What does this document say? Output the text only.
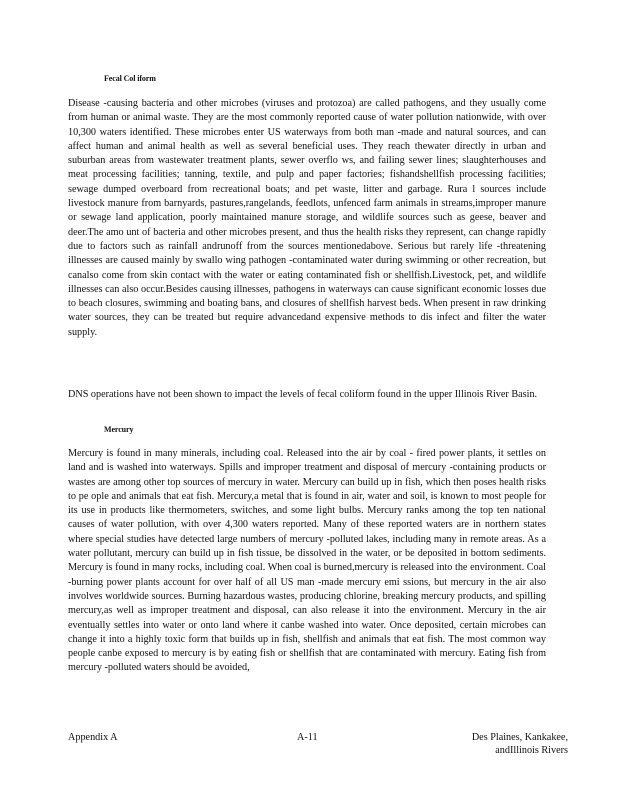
Fecal Col iform

Disease -causing bacteria and other microbes (viruses and protozoa) are called pathogens, and they usually come from human or animal waste. They are the most commonly reported cause of water pollution nationwide, with over 10,300 waters identified. These microbes enter US waterways from both man -made and natural sources, and can affect human and animal health as well as several beneficial uses. They reach thewater directly in urban and suburban areas from wastewater treatment plants, sewer overflo ws, and failing sewer lines; slaughterhouses and meat processing facilities; tanning, textile, and pulp and paper factories; fishandshellfish processing facilities; sewage dumped overboard from recreational boats; and pet waste, litter and garbage. Rura l sources include livestock manure from barnyards, pastures,rangelands, feedlots, unfenced farm animals in streams,improper manure or sewage land application, poorly maintained manure storage, and wildlife sources such as geese, beaver and deer.The amo unt of bacteria and other microbes present, and thus the health risks they represent, can change rapidly due to factors such as rainfall andrunoff from the sources mentionedabove. Serious but rarely life -threatening illnesses are caused mainly by swallo wing pathogen -contaminated water during swimming or other recreation, but canalso come from skin contact with the water or eating contaminated fish or shellfish.Livestock, pet, and wildlife illnesses can also occur.Besides causing illnesses, pathogens in waterways can cause significant economic losses due to beach closures, swimming and boating bans, and closures of shellfish harvest beds. When present in raw drinking water sources, they can be treated but require advancedand expensive methods to dis infect and filter the water supply.

DNS operations have not been shown to impact the levels of fecal coliform found in the upper Illinois River Basin.

Mercury

Mercury is found in many minerals, including coal. Released into the air by coal - fired power plants, it settles on land and is washed into waterways. Spills and improper treatment and disposal of mercury -containing products or wastes are among other top sources of mercury in water. Mercury can build up in fish, which then poses health risks to pe ople and animals that eat fish. Mercury,a metal that is found in air, water and soil, is known to most people for its use in products like thermometers, switches, and some light bulbs. Mercury ranks among the top ten national causes of water pollution, with over 4,300 waters reported. Many of these reported waters are in northern states where special studies have detected large numbers of mercury -polluted lakes, including many in remote areas. As a water pollutant, mercury can build up in fish tissue, be dissolved in the water, or be deposited in bottom sediments. Mercury is found in many rocks, including coal. When coal is burned,mercury is released into the environment. Coal -burning power plants account for over half of all US man -made mercury emi ssions, but mercury in the air also involves worldwide sources. Burning hazardous wastes, producing chlorine, breaking mercury products, and spilling mercury,as well as improper treatment and disposal, can also release it into the environment. Mercury in the air eventually settles into water or onto land where it canbe washed into water. Once deposited, certain microbes can change it into a highly toxic form that builds up in fish, shellfish and animals that eat fish. The most common way people canbe exposed to mercury is by eating fish or shellfish that are contaminated with mercury. Eating fish from mercury -polluted waters should be avoided,

Appendix A	A-11	Des Plaines, Kankakee,
andIllinois Rivers
